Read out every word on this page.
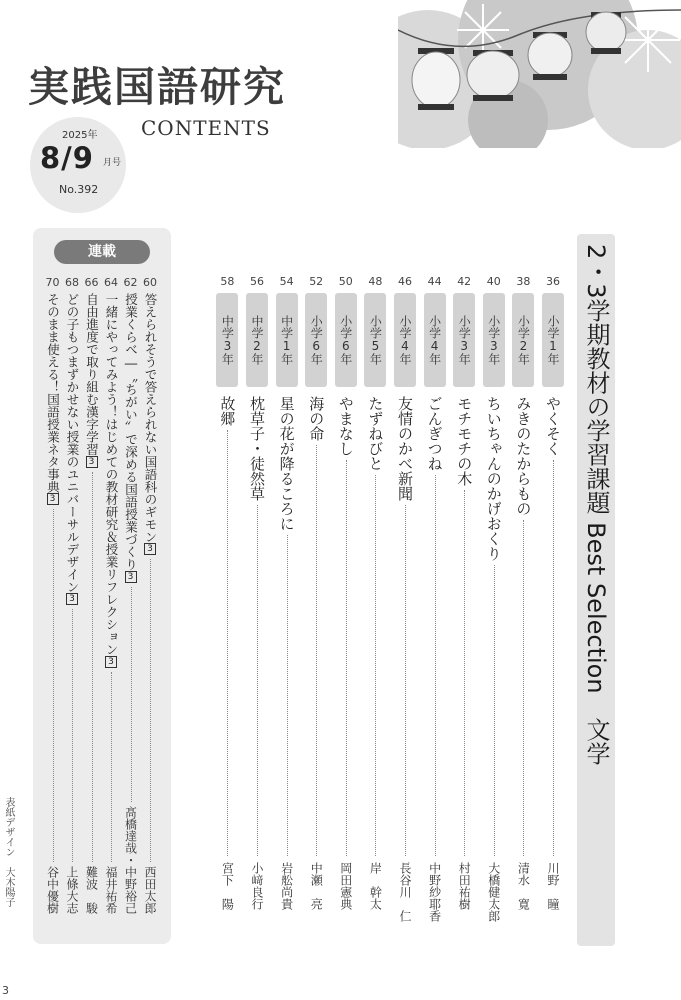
実践国語研究
CONTENTS
2025年
8/9 月号
No.392
2・3学期教材の学習課題 Best Selection　文学
36
小学1年
やくそく
川野　瞳
38
小学2年
みきのたからもの
清水　寛
40
小学3年
ちいちゃんのかげおくり
大橋健太郎
42
小学3年
モチモチの木
村田祐樹
44
小学4年
ごんぎつね
中野紗耶香
46
小学4年
友情のかべ新聞
長谷川　仁
48
小学5年
たずねびと
岸　幹太
50
小学6年
やまなし
岡田憲典
52
小学6年
海の命
中瀬　亮
54
中学1年
星の花が降るころに
岩舩尚貴
56
中学2年
枕草子・徒然草
小﨑良行
58
中学3年
故郷
宮下　陽
連載
60
答えられそうで答えられない国語科のギモン3
西田太郎
62
授業くらべ―〝ちがい〟で深める国語授業づくり3
髙橋達哉・中野裕己
64
一緒にやってみよう！はじめての教材研究＆授業リフレクション3
福井祐希
66
自由進度で取り組む漢字学習3
難波　駿
68
どの子もつまずかせない授業のユニバーサルデザイン3
上條大志
70
そのまま使える！国語授業ネタ事典3
谷中優樹
表紙デザイン　大木陽子
3
